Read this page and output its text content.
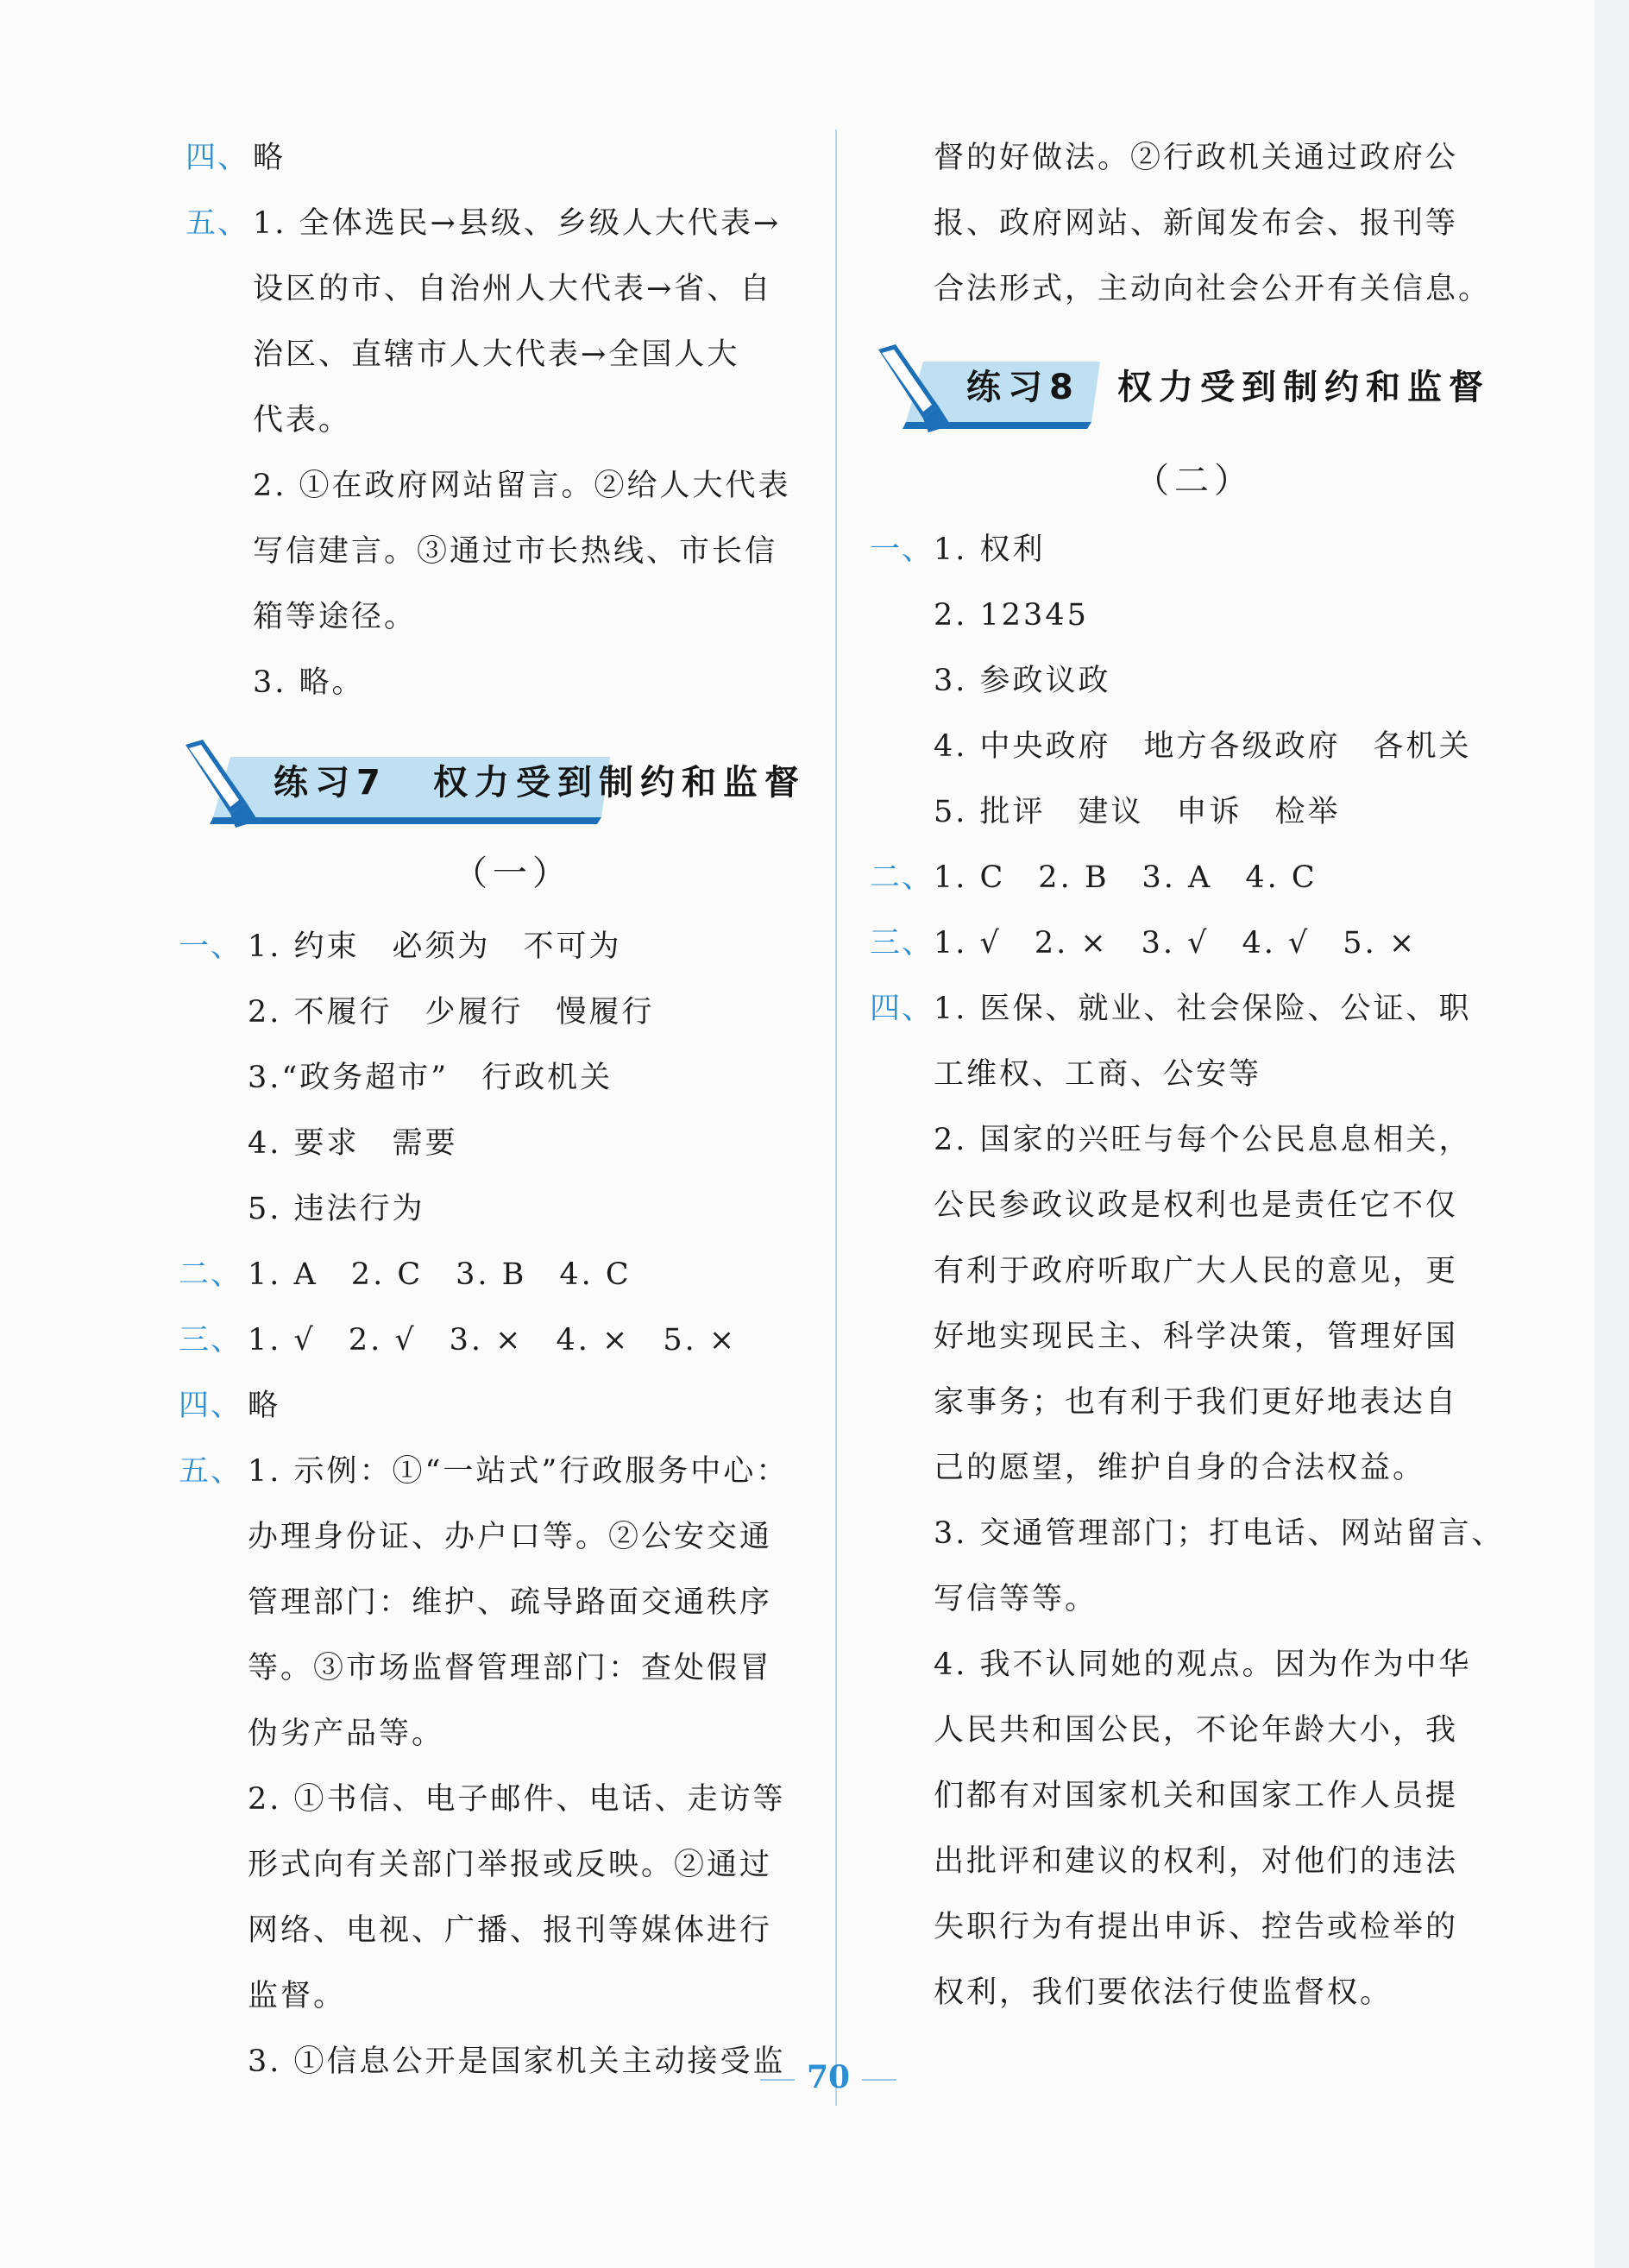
四、 略
五、 1. 全体选民→县级、乡级人大代表→
设区的市、自治州人大代表→省、自
治区、直辖市人大代表→全国人大
代表。
2. ①在政府网站留言。②给人大代表
写信建言。③通过市长热线、市长信
箱等途径。
3. 略。
练习7 权力受到制约和监督
（一）
一、 1. 约束　必须为　不可为
2. 不履行　少履行　慢履行
3.“政务超市”　行政机关
4. 要求　需要
5. 违法行为
二、 1. A　2. C　3. B　4. C
三、 1. √　2. √　3. ×　4. ×　5. ×
四、 略
五、 1. 示例：①“一站式”行政服务中心：
办理身份证、办户口等。②公安交通
管理部门：维护、疏导路面交通秩序
等。③市场监督管理部门：查处假冒
伪劣产品等。
2. ①书信、电子邮件、电话、走访等
形式向有关部门举报或反映。②通过
网络、电视、广播、报刊等媒体进行
监督。
3. ①信息公开是国家机关主动接受监
督的好做法。②行政机关通过政府公
报、政府网站、新闻发布会、报刊等
合法形式，主动向社会公开有关信息。
练习8 权力受到制约和监督
（二）
一、 1. 权利
2. 12345
3. 参政议政
4. 中央政府　地方各级政府　各机关
5. 批评　建议　申诉　检举
二、 1. C　2. B　3. A　4. C
三、 1. √　2. ×　3. √　4. √　5. ×
四、 1. 医保、就业、社会保险、公证、职
工维权、工商、公安等
2. 国家的兴旺与每个公民息息相关，
公民参政议政是权利也是责任它不仅
有利于政府听取广大人民的意见，更
好地实现民主、科学决策，管理好国
家事务；也有利于我们更好地表达自
己的愿望，维护自身的合法权益。
3. 交通管理部门；打电话、网站留言、
写信等等。
4. 我不认同她的观点。因为作为中华
人民共和国公民，不论年龄大小，我
们都有对国家机关和国家工作人员提
出批评和建议的权利，对他们的违法
失职行为有提出申诉、控告或检举的
权利，我们要依法行使监督权。
70
